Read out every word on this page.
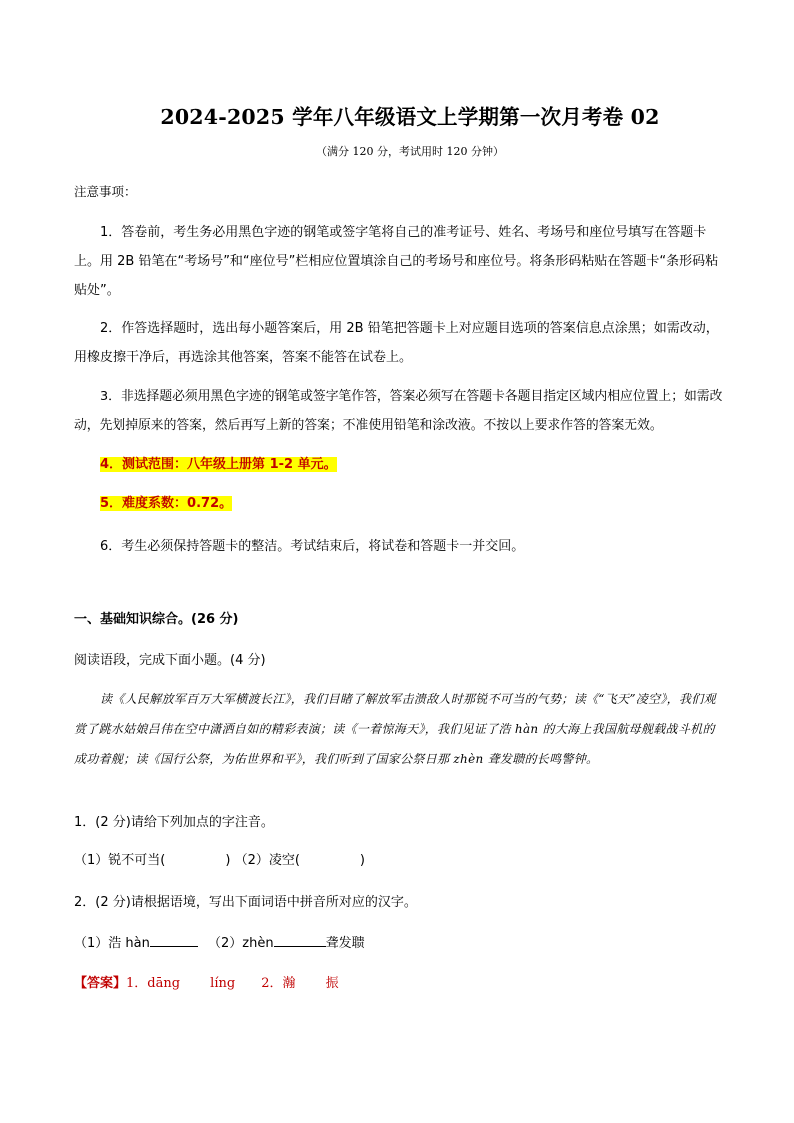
2024-2025 学年八年级语文上学期第一次月考卷 02
（满分 120 分，考试用时 120 分钟）
注意事项：
1．答卷前，考生务必用黑色字迹的钢笔或签字笔将自己的准考证号、姓名、考场号和座位号填写在答题卡上。用 2B 铅笔在“考场号”和“座位号”栏相应位置填涂自己的考场号和座位号。将条形码粘贴在答题卡“条形码粘贴处”。
2．作答选择题时，选出每小题答案后，用 2B 铅笔把答题卡上对应题目选项的答案信息点涂黑；如需改动，用橡皮擦干净后，再选涂其他答案，答案不能答在试卷上。
3．非选择题必须用黑色字迹的钢笔或签字笔作答，答案必须写在答题卡各题目指定区域内相应位置上；如需改动，先划掉原来的答案，然后再写上新的答案；不准使用铅笔和涂改液。不按以上要求作答的答案无效。
4．测试范围：八年级上册第 1-2 单元。
5．难度系数：0.72。
6．考生必须保持答题卡的整洁。考试结束后，将试卷和答题卡一并交回。
一、基础知识综合。(26 分)
阅读语段，完成下面小题。(4 分)
读《人民解放军百万大军横渡长江》，我们目睹了解放军击溃敌人时那锐不可当的气势；读《“飞天”凌空》，我们观赏了跳水姑娘吕伟在空中潇洒自如的精彩表演；读《一着惊海天》，我们见证了浩 hàn 的大海上我国航母舰载战斗机的成功着舰；读《国行公祭，为佑世界和平》，我们听到了国家公祭日那 zhèn 聋发聩的长鸣警钟。
1．(2 分)请给下列加点的字注音。
（1）锐不可当(	) （2）凌空(	)
2．(2 分)请根据语境，写出下面词语中拼音所对应的汉字。
（1）浩 hàn	（2）zhèn	聋发聩
【答案】1．dāng　　 líng　　2．瀚　　 振
